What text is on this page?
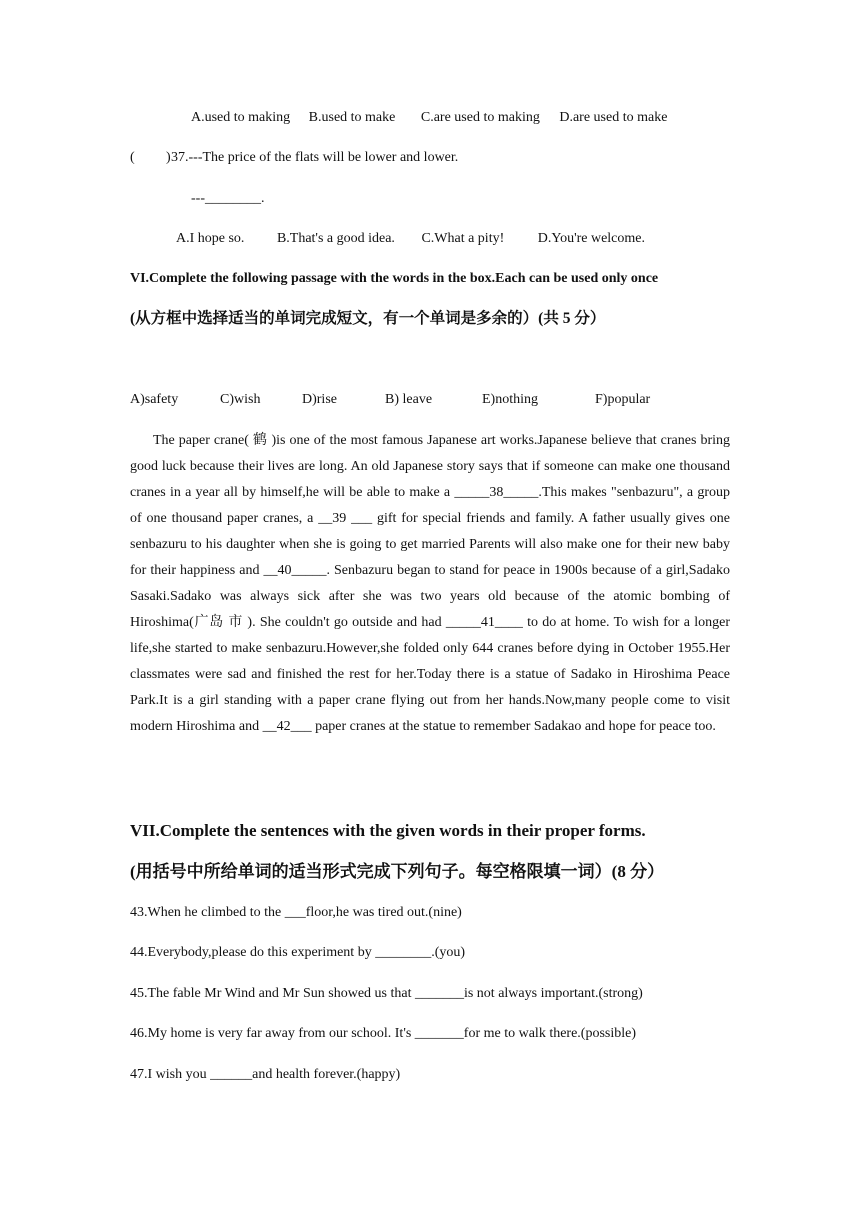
A.used to making B.used to make C.are used to making D.are used to make
( ) 37.---The price of the flats will be lower and lower.
---________.
A.I hope so. B.That's a good idea. C.What a pity! D.You're welcome.
VI.Complete the following passage with the words in the box.Each can be used only once
(从方框中选择适当的单词完成短文，有一个单词是多余的）(共 5 分）
A)safety	C)wish	D)rise	B) leave	E)nothing	F)popular

The paper crane( 鹤 )is one of the most famous Japanese art works.Japanese believe that cranes bring good luck because their lives are long. An old Japanese story says that if someone can make one thousand cranes in a year all by himself,he will be able to make a _____38_____.This makes "senbazuru", a group of one thousand paper cranes, a __39 ___ gift for special friends and family. A father usually gives one senbazuru to his daughter when she is going to get married Parents will also make one for their new baby for their happiness and __40_____. Senbazuru began to stand for peace in 1900s because of a girl,Sadako Sasaki.Sadako was always sick after she was two years old because of the atomic bombing of Hiroshima(广岛 市 ). She couldn't go outside and had _____41____ to do at home. To wish for a longer life,she started to make senbazuru.However,she folded only 644 cranes before dying in October 1955.Her classmates were sad and finished the rest for her.Today there is a statue of Sadako in Hiroshima Peace Park.It is a girl standing with a paper crane flying out from her hands.Now,many people come to visit modern Hiroshima and __42___ paper cranes at the statue to remember Sadakao and hope for peace too.

VII.Complete the sentences with the given words in their proper forms.
(用括号中所给单词的适当形式完成下列句子。每空格限填一词）(8 分）
43.When he climbed to the ___floor,he was tired out.(nine)
44.Everybody,please do this experiment by ________.(you)
45.The fable Mr Wind and Mr Sun showed us that _______is not always important.(strong)
46.My home is very far away from our school. It's _______for me to walk there.(possible)
47.I wish you ______and health forever.(happy)
